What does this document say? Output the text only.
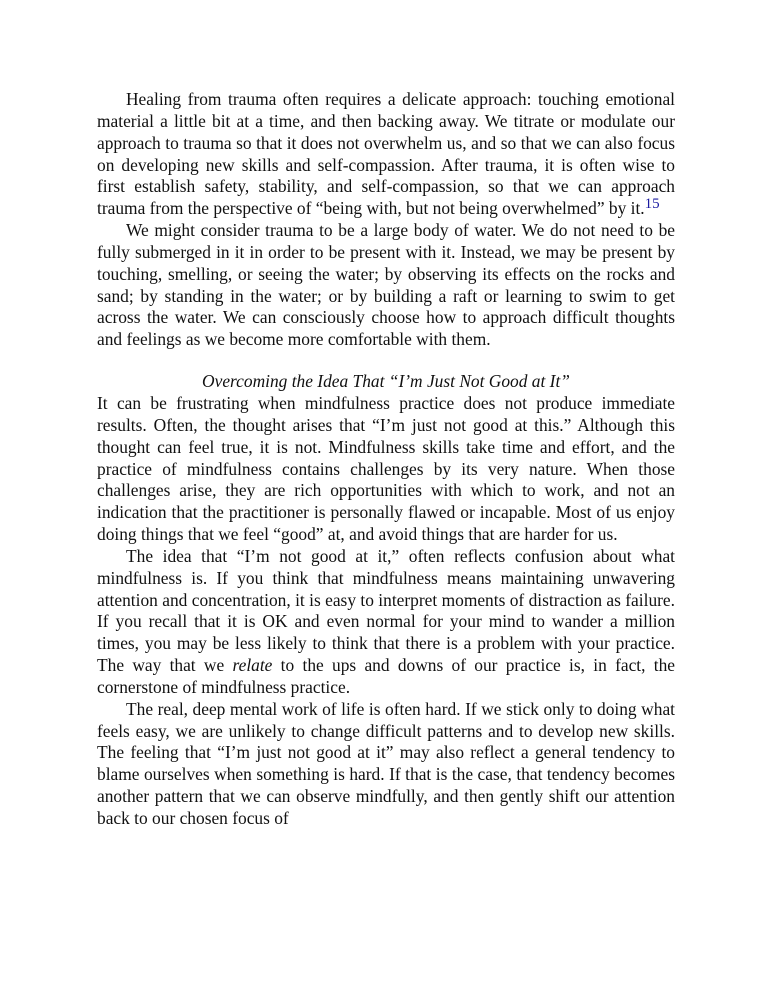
Healing from trauma often requires a delicate approach: touching emotional material a little bit at a time, and then backing away. We titrate or modulate our approach to trauma so that it does not overwhelm us, and so that we can also focus on developing new skills and self-compassion. After trauma, it is often wise to first establish safety, stability, and self-compassion, so that we can approach trauma from the perspective of “being with, but not being overwhelmed” by it.15

We might consider trauma to be a large body of water. We do not need to be fully submerged in it in order to be present with it. Instead, we may be present by touching, smelling, or seeing the water; by observing its effects on the rocks and sand; by standing in the water; or by building a raft or learning to swim to get across the water. We can consciously choose how to approach difficult thoughts and feelings as we become more comfortable with them.

Overcoming the Idea That “I’m Just Not Good at It”

It can be frustrating when mindfulness practice does not produce immediate results. Often, the thought arises that “I’m just not good at this.” Although this thought can feel true, it is not. Mindfulness skills take time and effort, and the practice of mindfulness contains challenges by its very nature. When those challenges arise, they are rich opportunities with which to work, and not an indication that the practitioner is personally flawed or incapable. Most of us enjoy doing things that we feel “good” at, and avoid things that are harder for us.

The idea that “I’m not good at it,” often reflects confusion about what mindfulness is. If you think that mindfulness means maintaining unwavering attention and concentration, it is easy to interpret moments of distraction as failure. If you recall that it is OK and even normal for your mind to wander a million times, you may be less likely to think that there is a problem with your practice. The way that we relate to the ups and downs of our practice is, in fact, the cornerstone of mindfulness practice.

The real, deep mental work of life is often hard. If we stick only to doing what feels easy, we are unlikely to change difficult patterns and to develop new skills. The feeling that “I’m just not good at it” may also reflect a general tendency to blame ourselves when something is hard. If that is the case, that tendency becomes another pattern that we can observe mindfully, and then gently shift our attention back to our chosen focus of
